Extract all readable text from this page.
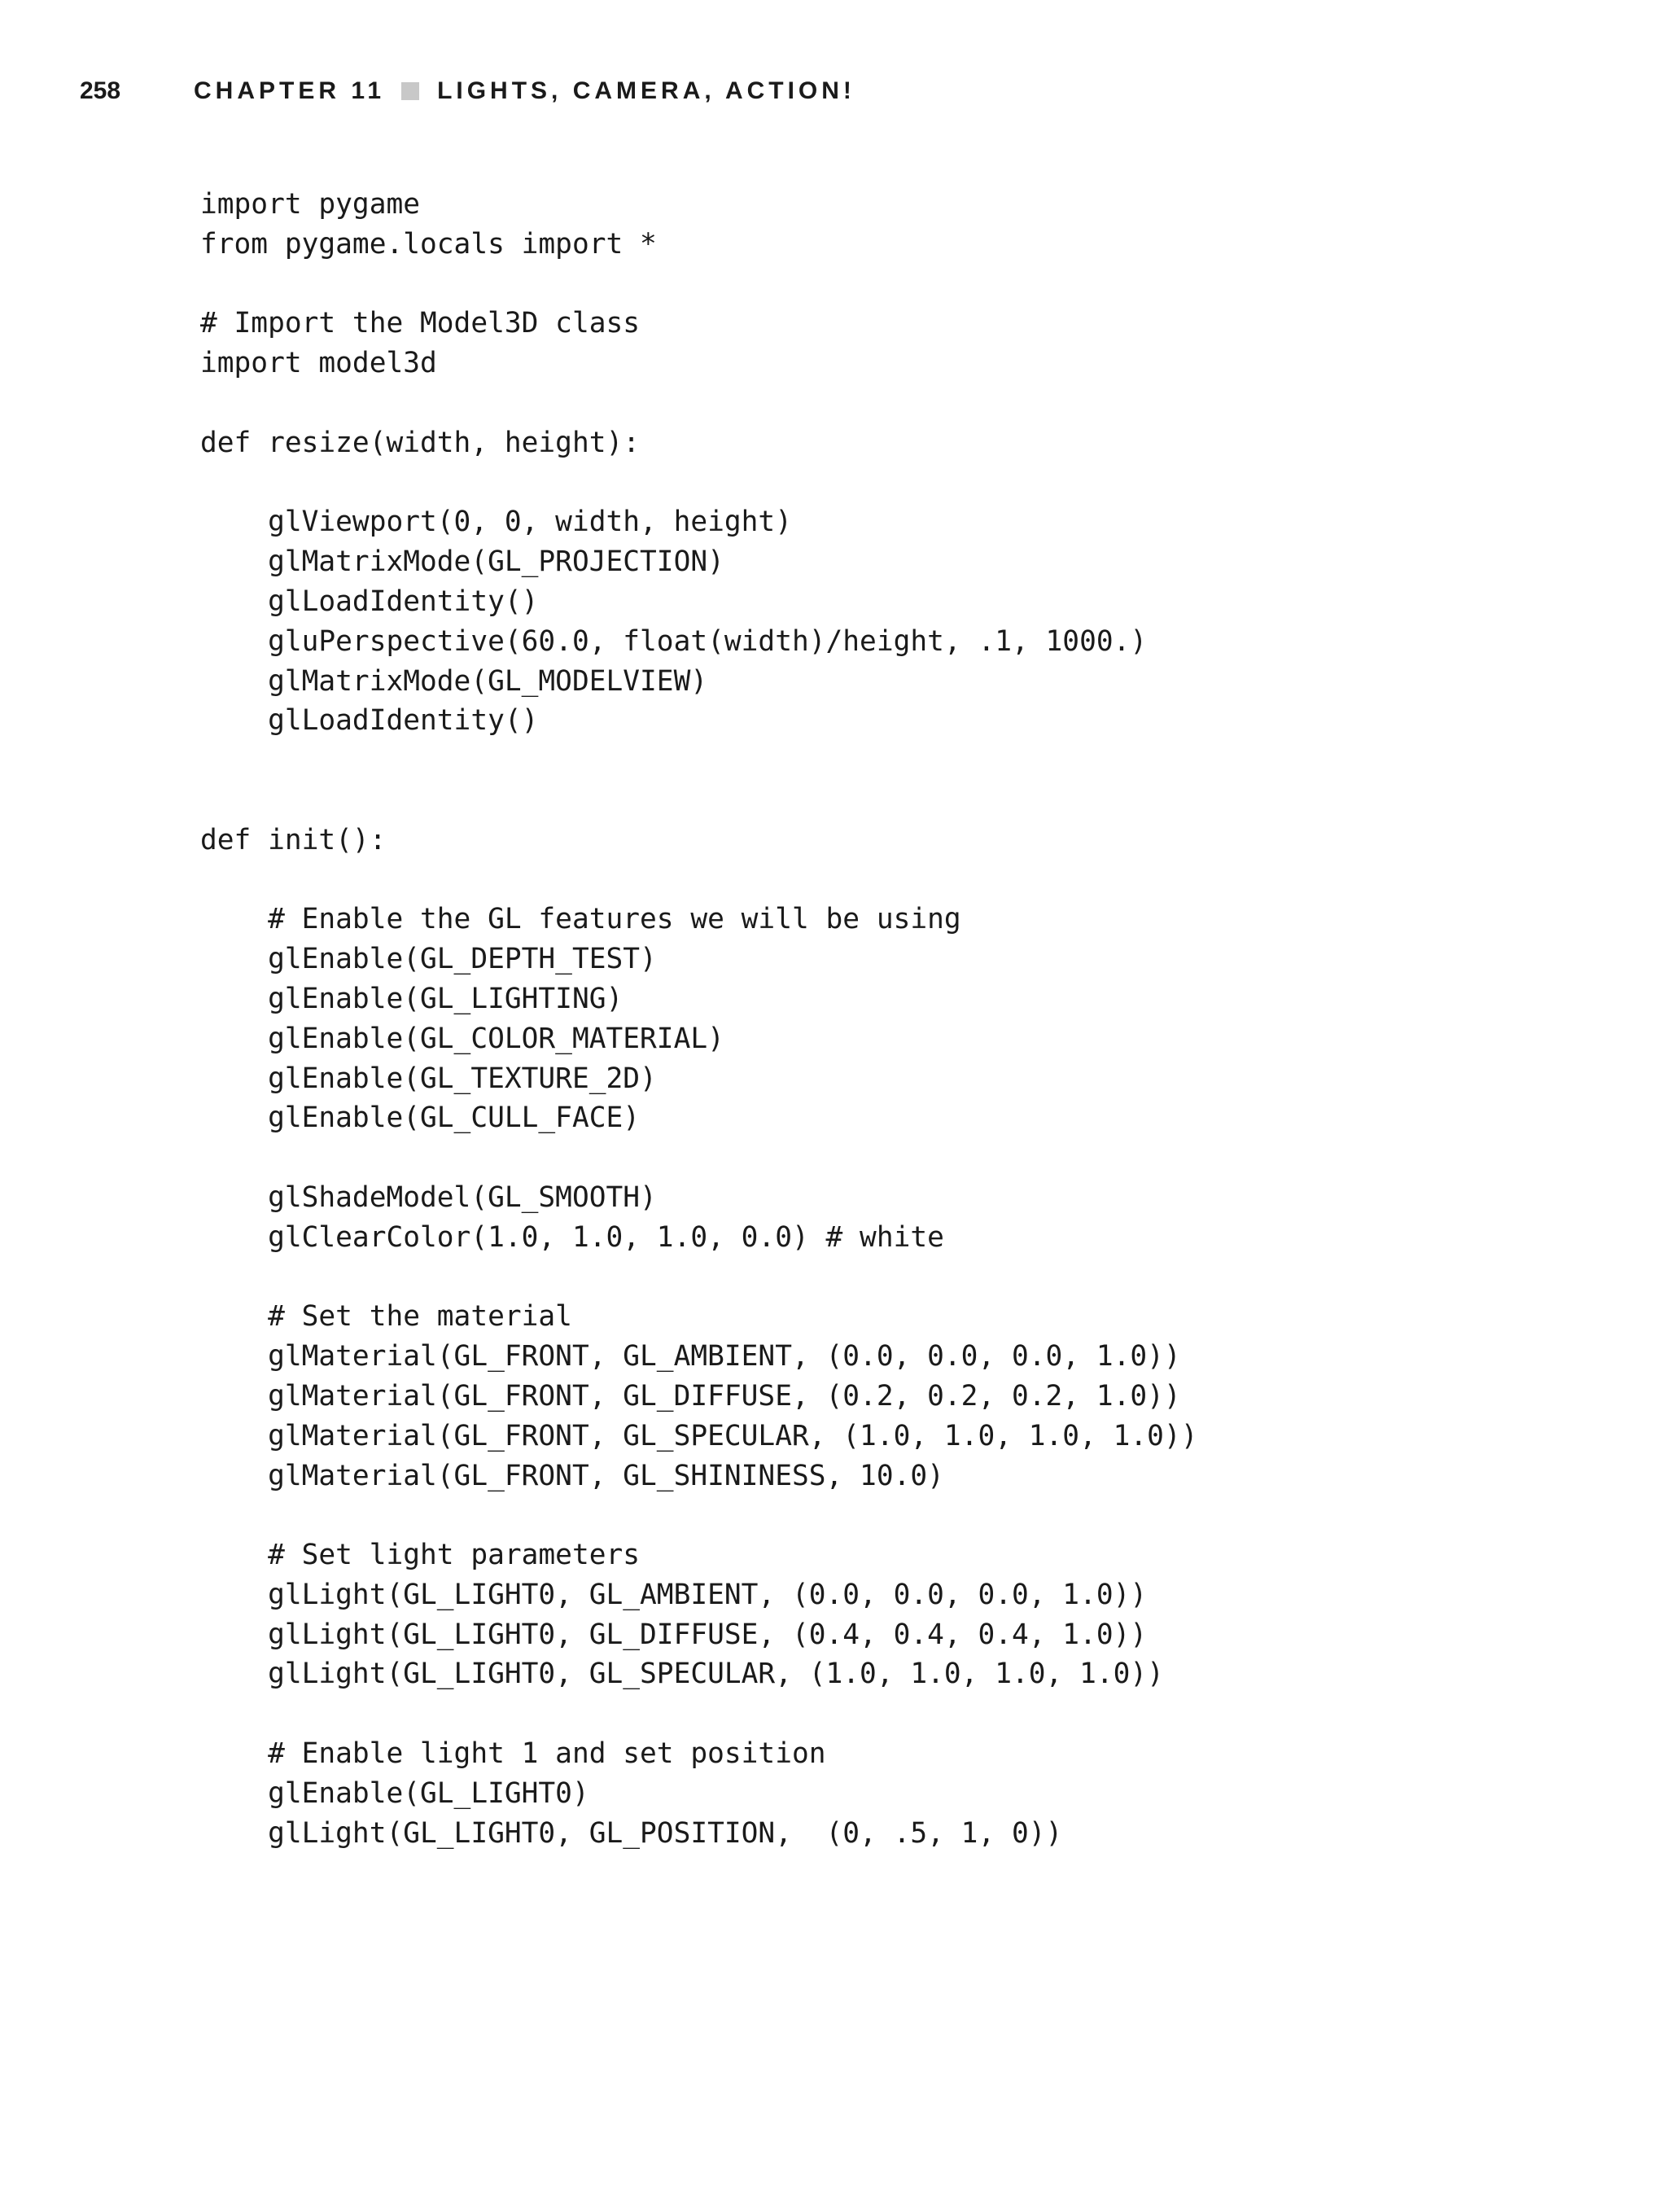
258	CHAPTER 11 LIGHTS, CAMERA, ACTION!
import pygame
from pygame.locals import *
# Import the Model3D class
import model3d
def resize(width, height):
glViewport(0, 0, width, height)
glMatrixMode(GL_PROJECTION)
glLoadIdentity()
gluPerspective(60.0, float(width)/height, .1, 1000.)
glMatrixMode(GL_MODELVIEW)
glLoadIdentity()
def init():
# Enable the GL features we will be using
glEnable(GL_DEPTH_TEST)
glEnable(GL_LIGHTING)
glEnable(GL_COLOR_MATERIAL)
glEnable(GL_TEXTURE_2D)
glEnable(GL_CULL_FACE)
glShadeModel(GL_SMOOTH)
glClearColor(1.0, 1.0, 1.0, 0.0) # white
# Set the material
glMaterial(GL_FRONT, GL_AMBIENT, (0.0, 0.0, 0.0, 1.0))
glMaterial(GL_FRONT, GL_DIFFUSE, (0.2, 0.2, 0.2, 1.0))
glMaterial(GL_FRONT, GL_SPECULAR, (1.0, 1.0, 1.0, 1.0))
glMaterial(GL_FRONT, GL_SHININESS, 10.0)
# Set light parameters
glLight(GL_LIGHT0, GL_AMBIENT, (0.0, 0.0, 0.0, 1.0))
glLight(GL_LIGHT0, GL_DIFFUSE, (0.4, 0.4, 0.4, 1.0))
glLight(GL_LIGHT0, GL_SPECULAR, (1.0, 1.0, 1.0, 1.0))
# Enable light 1 and set position
glEnable(GL_LIGHT0)
glLight(GL_LIGHT0, GL_POSITION,  (0, .5, 1, 0))
